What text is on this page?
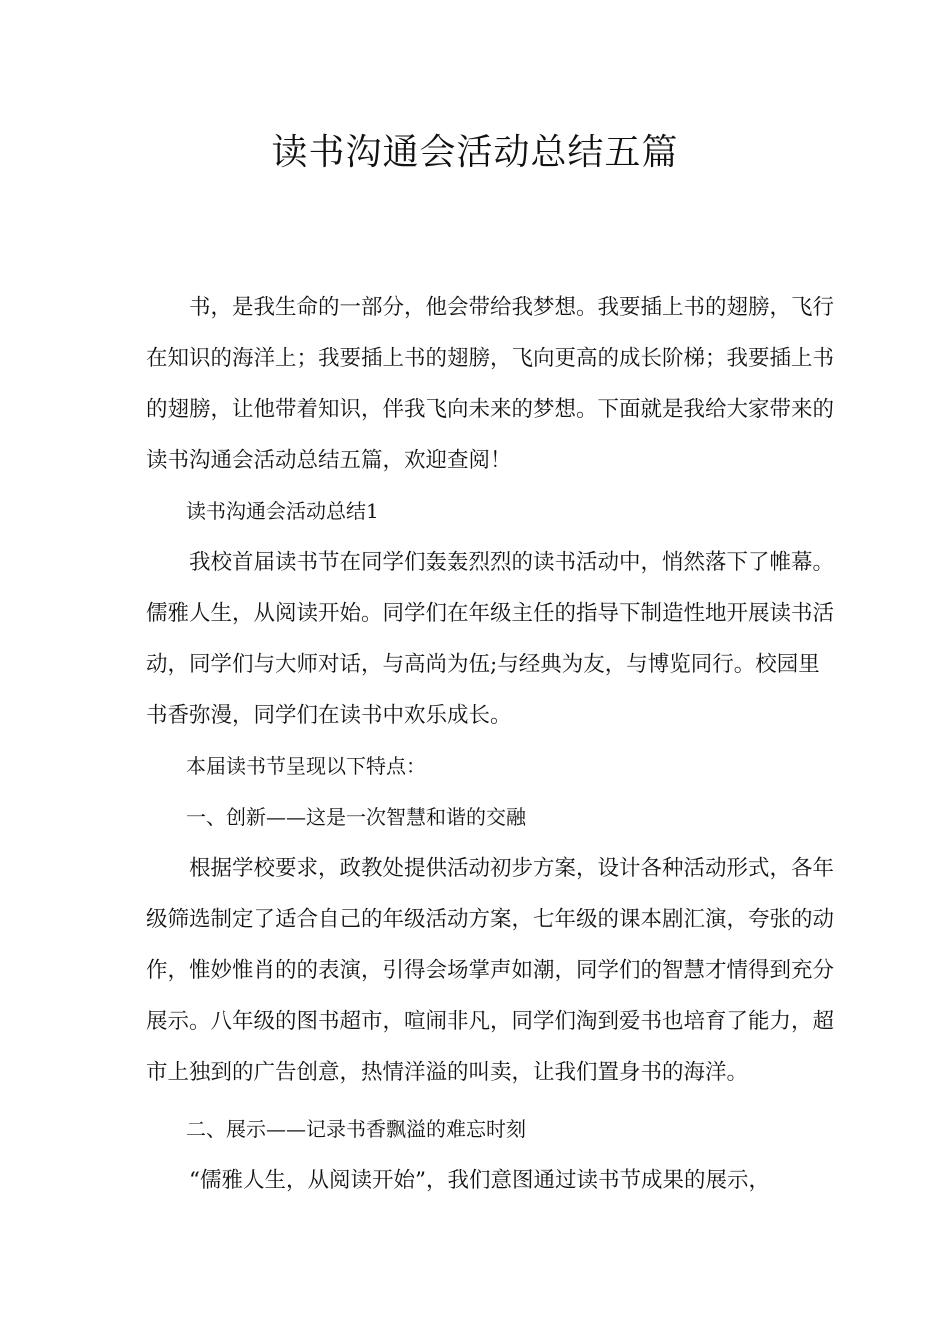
读书沟通会活动总结五篇

书，是我生命的一部分，他会带给我梦想。我要插上书的翅膀，飞行在知识的海洋上；我要插上书的翅膀，飞向更高的成长阶梯；我要插上书的翅膀，让他带着知识，伴我飞向未来的梦想。下面就是我给大家带来的读书沟通会活动总结五篇，欢迎查阅！

读书沟通会活动总结1

我校首届读书节在同学们轰轰烈烈的读书活动中，悄然落下了帷幕。儒雅人生，从阅读开始。同学们在年级主任的指导下制造性地开展读书活动，同学们与大师对话，与高尚为伍;与经典为友，与博览同行。校园里书香弥漫，同学们在读书中欢乐成长。

本届读书节呈现以下特点：

一、创新——这是一次智慧和谐的交融

根据学校要求，政教处提供活动初步方案，设计各种活动形式，各年级筛选制定了适合自己的年级活动方案，七年级的课本剧汇演，夸张的动作，惟妙惟肖的的表演，引得会场掌声如潮，同学们的智慧才情得到充分展示。八年级的图书超市，喧闹非凡，同学们淘到爱书也培育了能力，超市上独到的广告创意，热情洋溢的叫卖，让我们置身书的海洋。

二、展示——记录书香飘溢的难忘时刻

“儒雅人生，从阅读开始”，我们意图通过读书节成果的展示，
